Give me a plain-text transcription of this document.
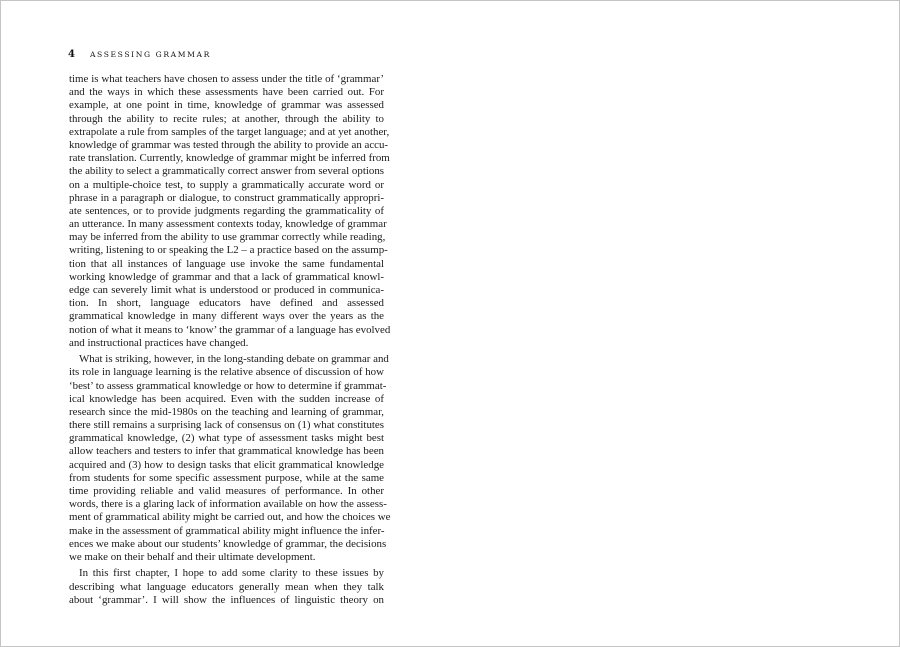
4 ASSESSING GRAMMAR
time is what teachers have chosen to assess under the title of ‘grammar’
and the ways in which these assessments have been carried out. For
example, at one point in time, knowledge of grammar was assessed
through the ability to recite rules; at another, through the ability to
extrapolate a rule from samples of the target language; and at yet another,
knowledge of grammar was tested through the ability to provide an accu-
rate translation. Currently, knowledge of grammar might be inferred from
the ability to select a grammatically correct answer from several options
on a multiple-choice test, to supply a grammatically accurate word or
phrase in a paragraph or dialogue, to construct grammatically appropri-
ate sentences, or to provide judgments regarding the grammaticality of
an utterance. In many assessment contexts today, knowledge of grammar
may be inferred from the ability to use grammar correctly while reading,
writing, listening to or speaking the L2 – a practice based on the assump-
tion that all instances of language use invoke the same fundamental
working knowledge of grammar and that a lack of grammatical knowl-
edge can severely limit what is understood or produced in communica-
tion. In short, language educators have defined and assessed
grammatical knowledge in many different ways over the years as the
notion of what it means to ‘know’ the grammar of a language has evolved
and instructional practices have changed.
What is striking, however, in the long-standing debate on grammar and
its role in language learning is the relative absence of discussion of how
‘best’ to assess grammatical knowledge or how to determine if grammat-
ical knowledge has been acquired. Even with the sudden increase of
research since the mid-1980s on the teaching and learning of grammar,
there still remains a surprising lack of consensus on (1) what constitutes
grammatical knowledge, (2) what type of assessment tasks might best
allow teachers and testers to infer that grammatical knowledge has been
acquired and (3) how to design tasks that elicit grammatical knowledge
from students for some specific assessment purpose, while at the same
time providing reliable and valid measures of performance. In other
words, there is a glaring lack of information available on how the assess-
ment of grammatical ability might be carried out, and how the choices we
make in the assessment of grammatical ability might influence the infer-
ences we make about our students’ knowledge of grammar, the decisions
we make on their behalf and their ultimate development.
In this first chapter, I hope to add some clarity to these issues by
describing what language educators generally mean when they talk
about ‘grammar’. I will show the influences of linguistic theory on
